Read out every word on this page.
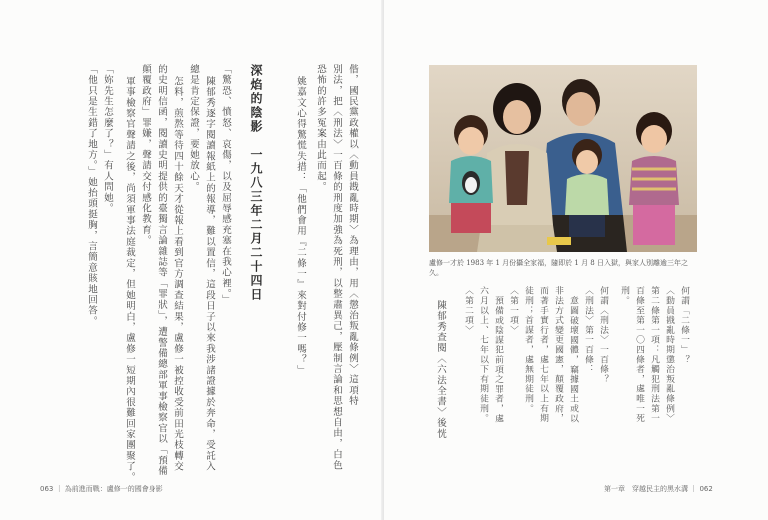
偕，國民黨政權以〈動員戡亂時期〉為理由，用〈懲治叛亂條例〉這項特
別法，把〈刑法〉一百條的刑度加強為死刑，以整肅異己，壓制言論和思想自由，白色
恐怖的許多冤案由此而起。
姚嘉文心得驚慌失措：「他們會用『二條一』來對付修一嗎？」
深焰的陰影　一九八三年二月二十四日
「驚恐、憤怒、哀傷，以及屈辱感充塞在我心裡。」
陳郁秀逐字閱讀報紙上的報導，難以置信，這段日子以來我涉諸證據於奔命，受託入
總是肯定保證，要她放心。
怎料，煎熬等待四十餘天才從報上看到官方調查結果，盧修一被控收受前田光枝轉交
的史明信函，閱讀史明提供的臺獨言論雜誌等「罪狀」，遭警備總部軍事檢察官以「預備
顛覆政府」罪嫌，聲請交付感化教育。
軍事檢察官聲請之後，尚須軍事法庭裁定，但她明白，盧修一短期內很難回家團聚了。
「妳先生怎麼了？」有人問她。
「他只是生錯了地方。」她抬頭挺胸，言簡意賅地回答。
063 ｜ 為前進而戰：盧修一的國會身影
盧修一才於 1983 年 1 月份攝全家福，隨即於 1 月 8 日入獄，與家人別離逾三年之久。
何謂「二條一」？
〈動員戡亂時期懲治叛亂條例〉
第二條第一項：凡觸犯刑法第一
百條至第一〇四條者，處唯一死
刑。
何謂〈刑法〉一百條？
〈刑法〉第一百條：
意圖破壞國體，竊據國土或以
非法方式變更國憲，顛覆政府，
而著手實行者，處七年以上有期
徒刑；首謀者，處無期徒刑。
〈第一項〉
預備或陰謀犯前項之罪者，處
六月以上、七年以下有期徒刑。
〈第二項〉
陳郁秀查閱〈六法全書〉後恍
第一章　穿越民主的黑水溝 ｜ 062
